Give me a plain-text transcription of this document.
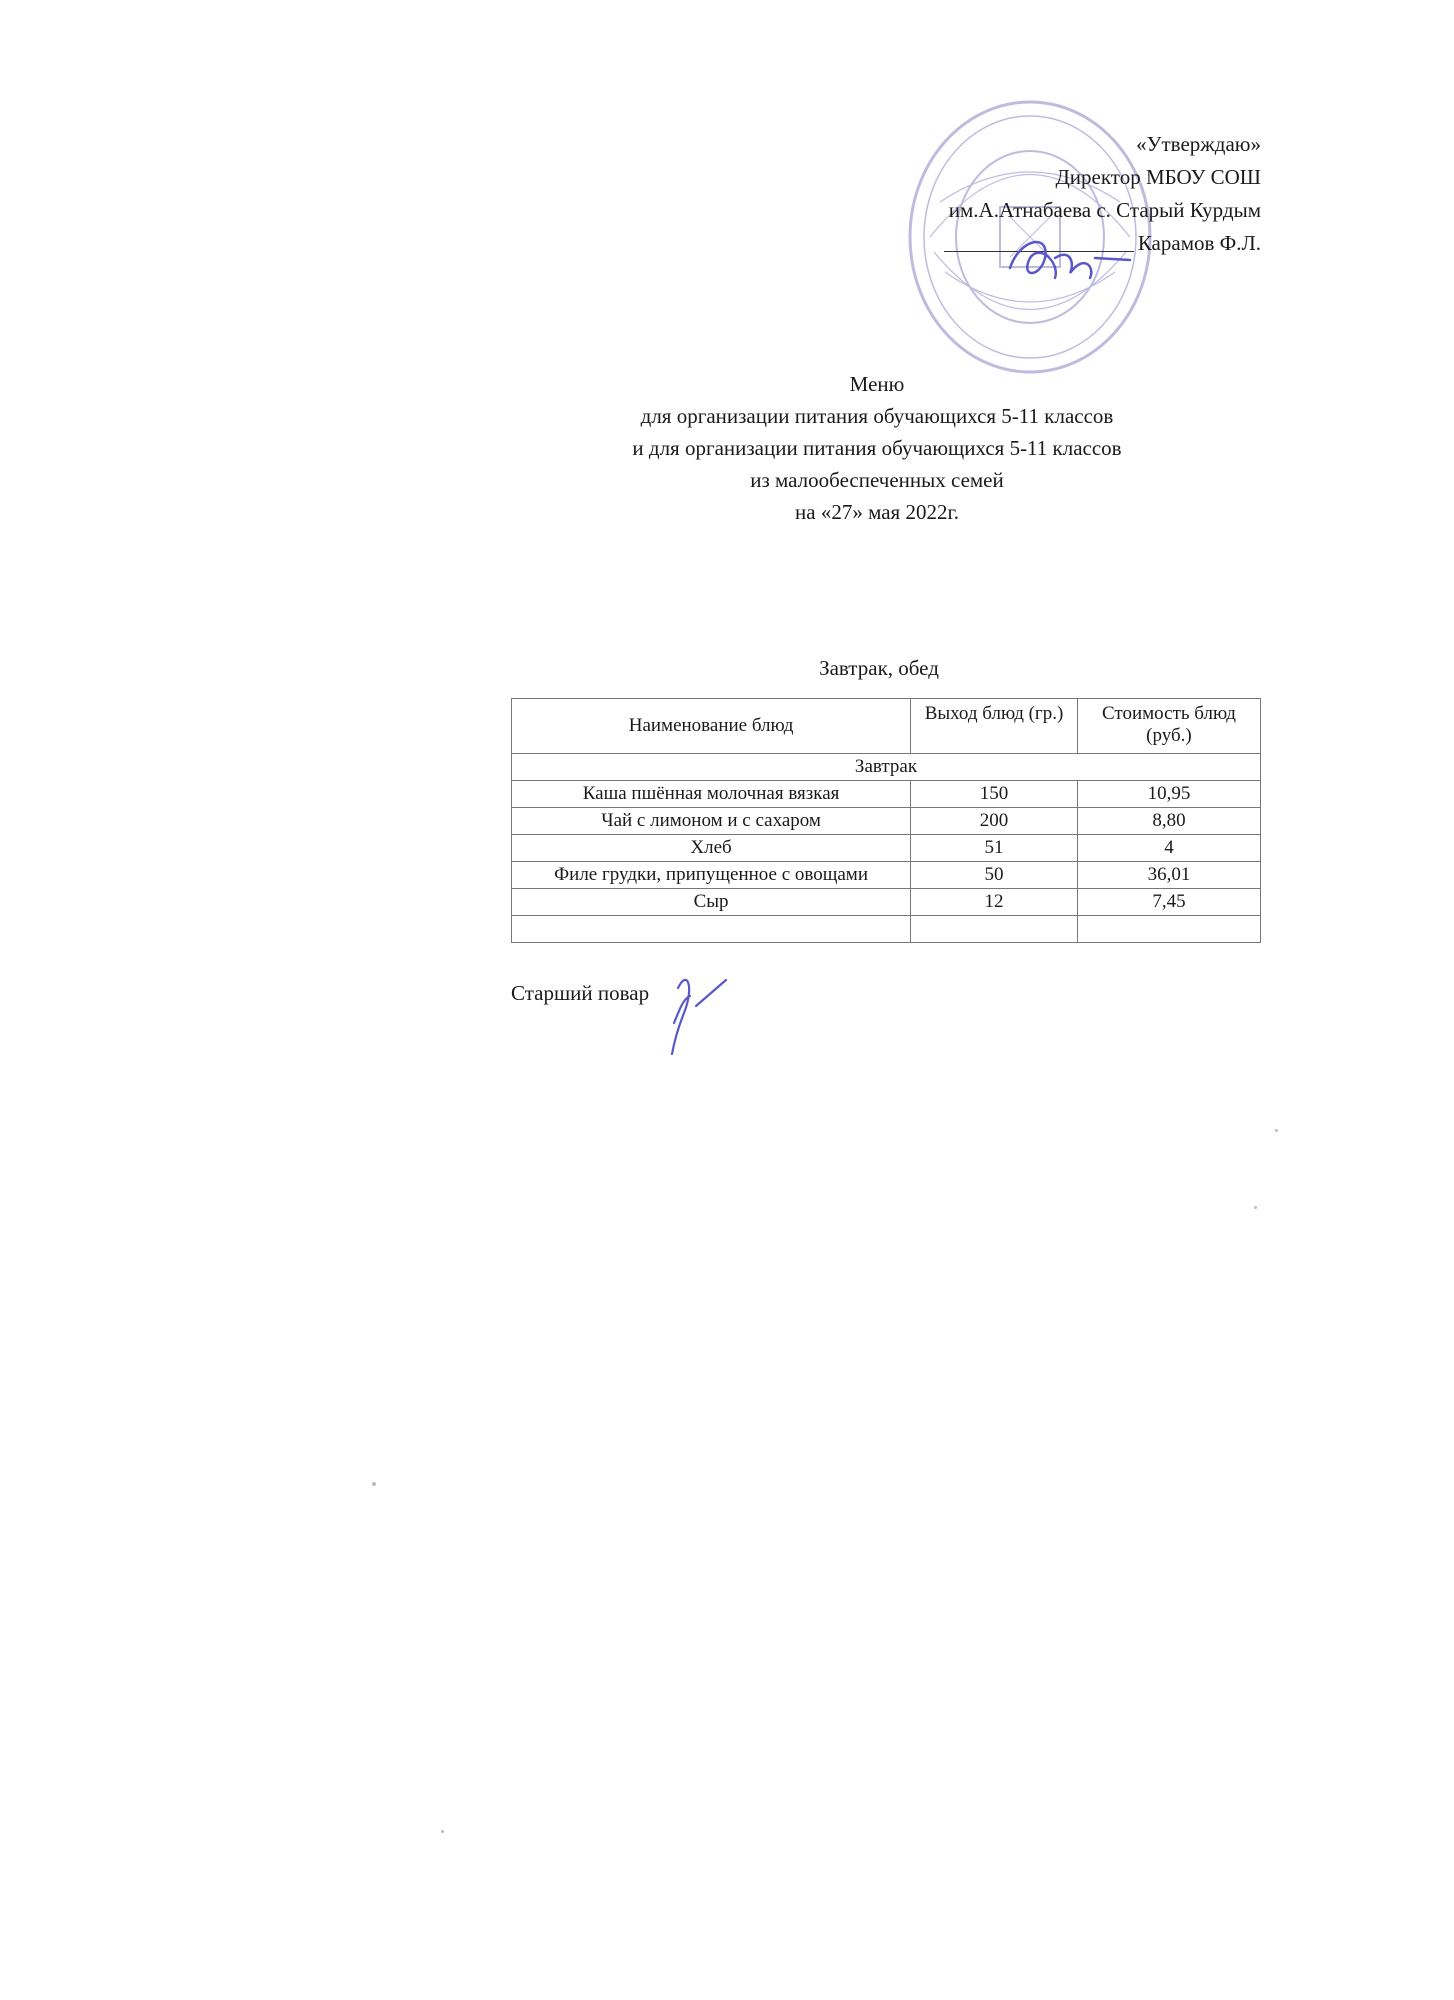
«Утверждаю»
Директор МБОУ СОШ
им.А.Атнабаева с. Старый Курдым
Карамов Ф.Л.
Меню
для организации питания обучающихся 5-11 классов
и для организации питания обучающихся 5-11 классов
из малообеспеченных семей
на «27» мая 2022г.
Завтрак, обед
Наименование блюд	Выход блюд (гр.)	Стоимость блюд (руб.)
Завтрак		
Каша пшённая молочная вязкая	150	10,95
Чай с лимоном и с сахаром	200	8,80
Хлеб	51	4
Филе грудки, припущенное с овощами	50	36,01
Сыр	12	7,45

Старший повар
